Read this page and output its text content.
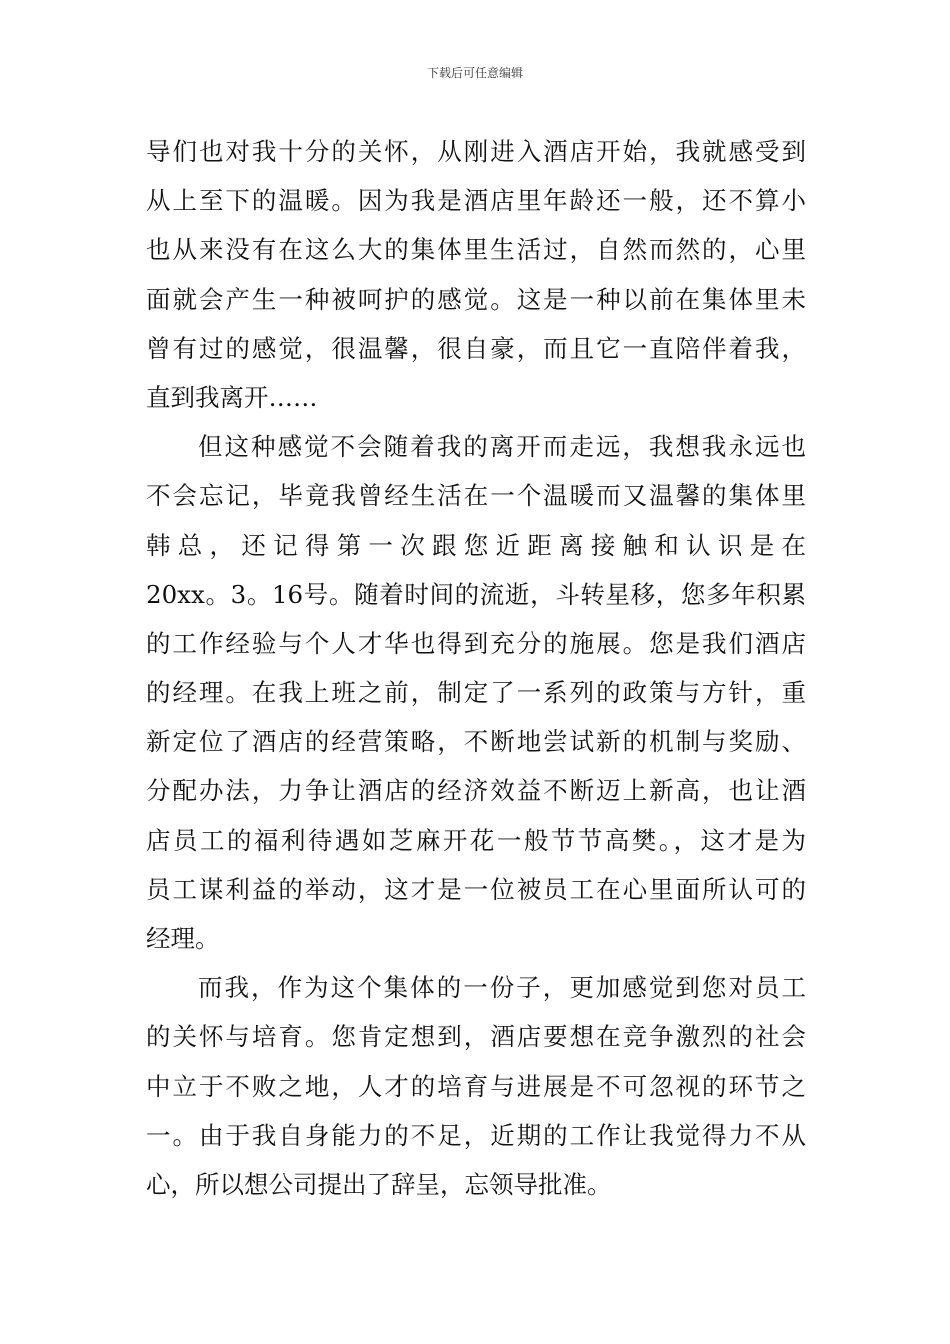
下载后可任意编辑
导们也对我十分的关怀，从刚进入酒店开始，我就感受到
从上至下的温暖。因为我是酒店里年龄还一般，还不算小
也从来没有在这么大的集体里生活过，自然而然的，心里
面就会产生一种被呵护的感觉。这是一种以前在集体里未
曾有过的感觉，很温馨，很自豪，而且它一直陪伴着我，
直到我离开……
但这种感觉不会随着我的离开而走远，我想我永远也
不会忘记，毕竟我曾经生活在一个温暖而又温馨的集体里
韩总，还记得第一次跟您近距离接触和认识是在
20xx。3。16号。随着时间的流逝，斗转星移，您多年积累
的工作经验与个人才华也得到充分的施展。您是我们酒店
的经理。在我上班之前，制定了一系列的政策与方针，重
新定位了酒店的经营策略，不断地尝试新的机制与奖励、
分配办法，力争让酒店的经济效益不断迈上新高，也让酒
店员工的福利待遇如芝麻开花一般节节高樊。，这才是为
员工谋利益的举动，这才是一位被员工在心里面所认可的
经理。
而我，作为这个集体的一份子，更加感觉到您对员工
的关怀与培育。您肯定想到，酒店要想在竞争激烈的社会
中立于不败之地，人才的培育与进展是不可忽视的环节之
一。由于我自身能力的不足，近期的工作让我觉得力不从
心，所以想公司提出了辞呈，忘领导批准。
